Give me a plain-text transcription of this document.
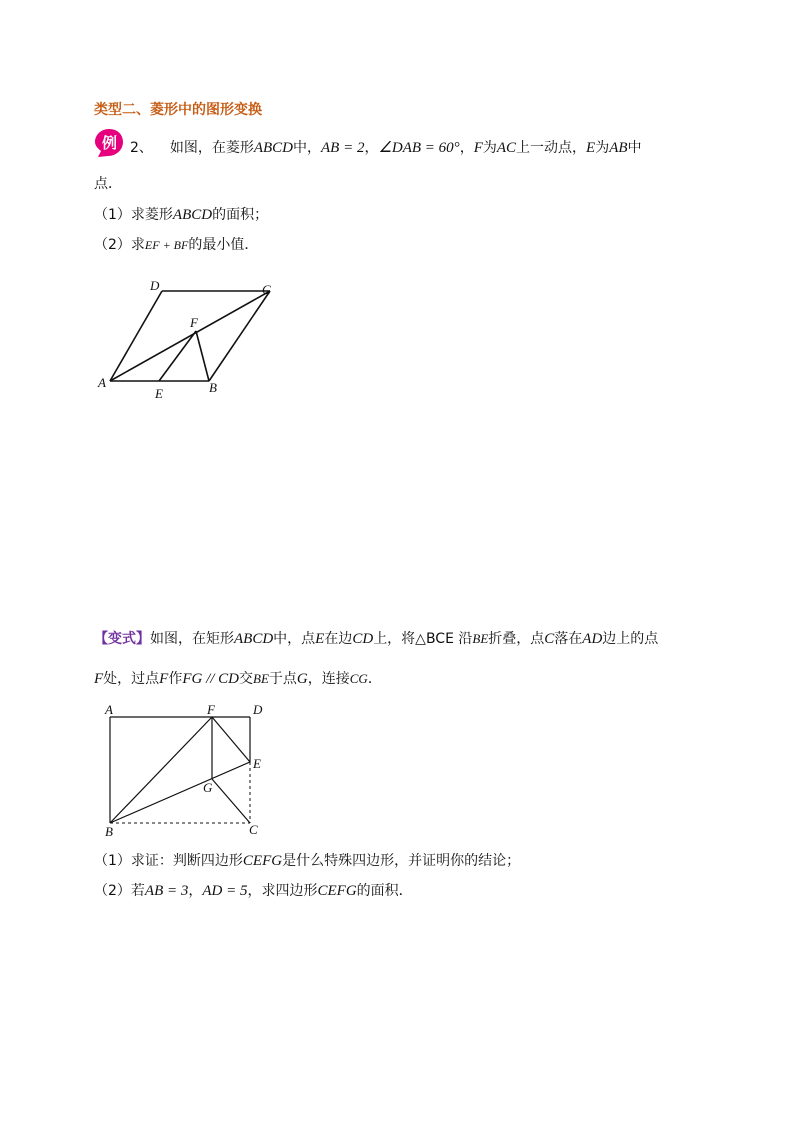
类型二、菱形中的图形变换
例 2、 如图，在菱形ABCD中，AB = 2，∠DAB = 60°，F为AC上一动点，E为AB中
点．
（1）求菱形ABCD的面积；
（2）求EF + BF的最小值．
A	B
C
D
E
F
【变式】如图，在矩形ABCD中，点E在边CD上，将△BCE 沿BE折叠，点C落在AD边上的点
F处，过点F作FG // CD交BE于点G，连接CG．
A	F	D
E
G
B	C
（1）求证：判断四边形CEFG是什么特殊四边形，并证明你的结论；
（2）若AB = 3，AD = 5，求四边形CEFG的面积．
